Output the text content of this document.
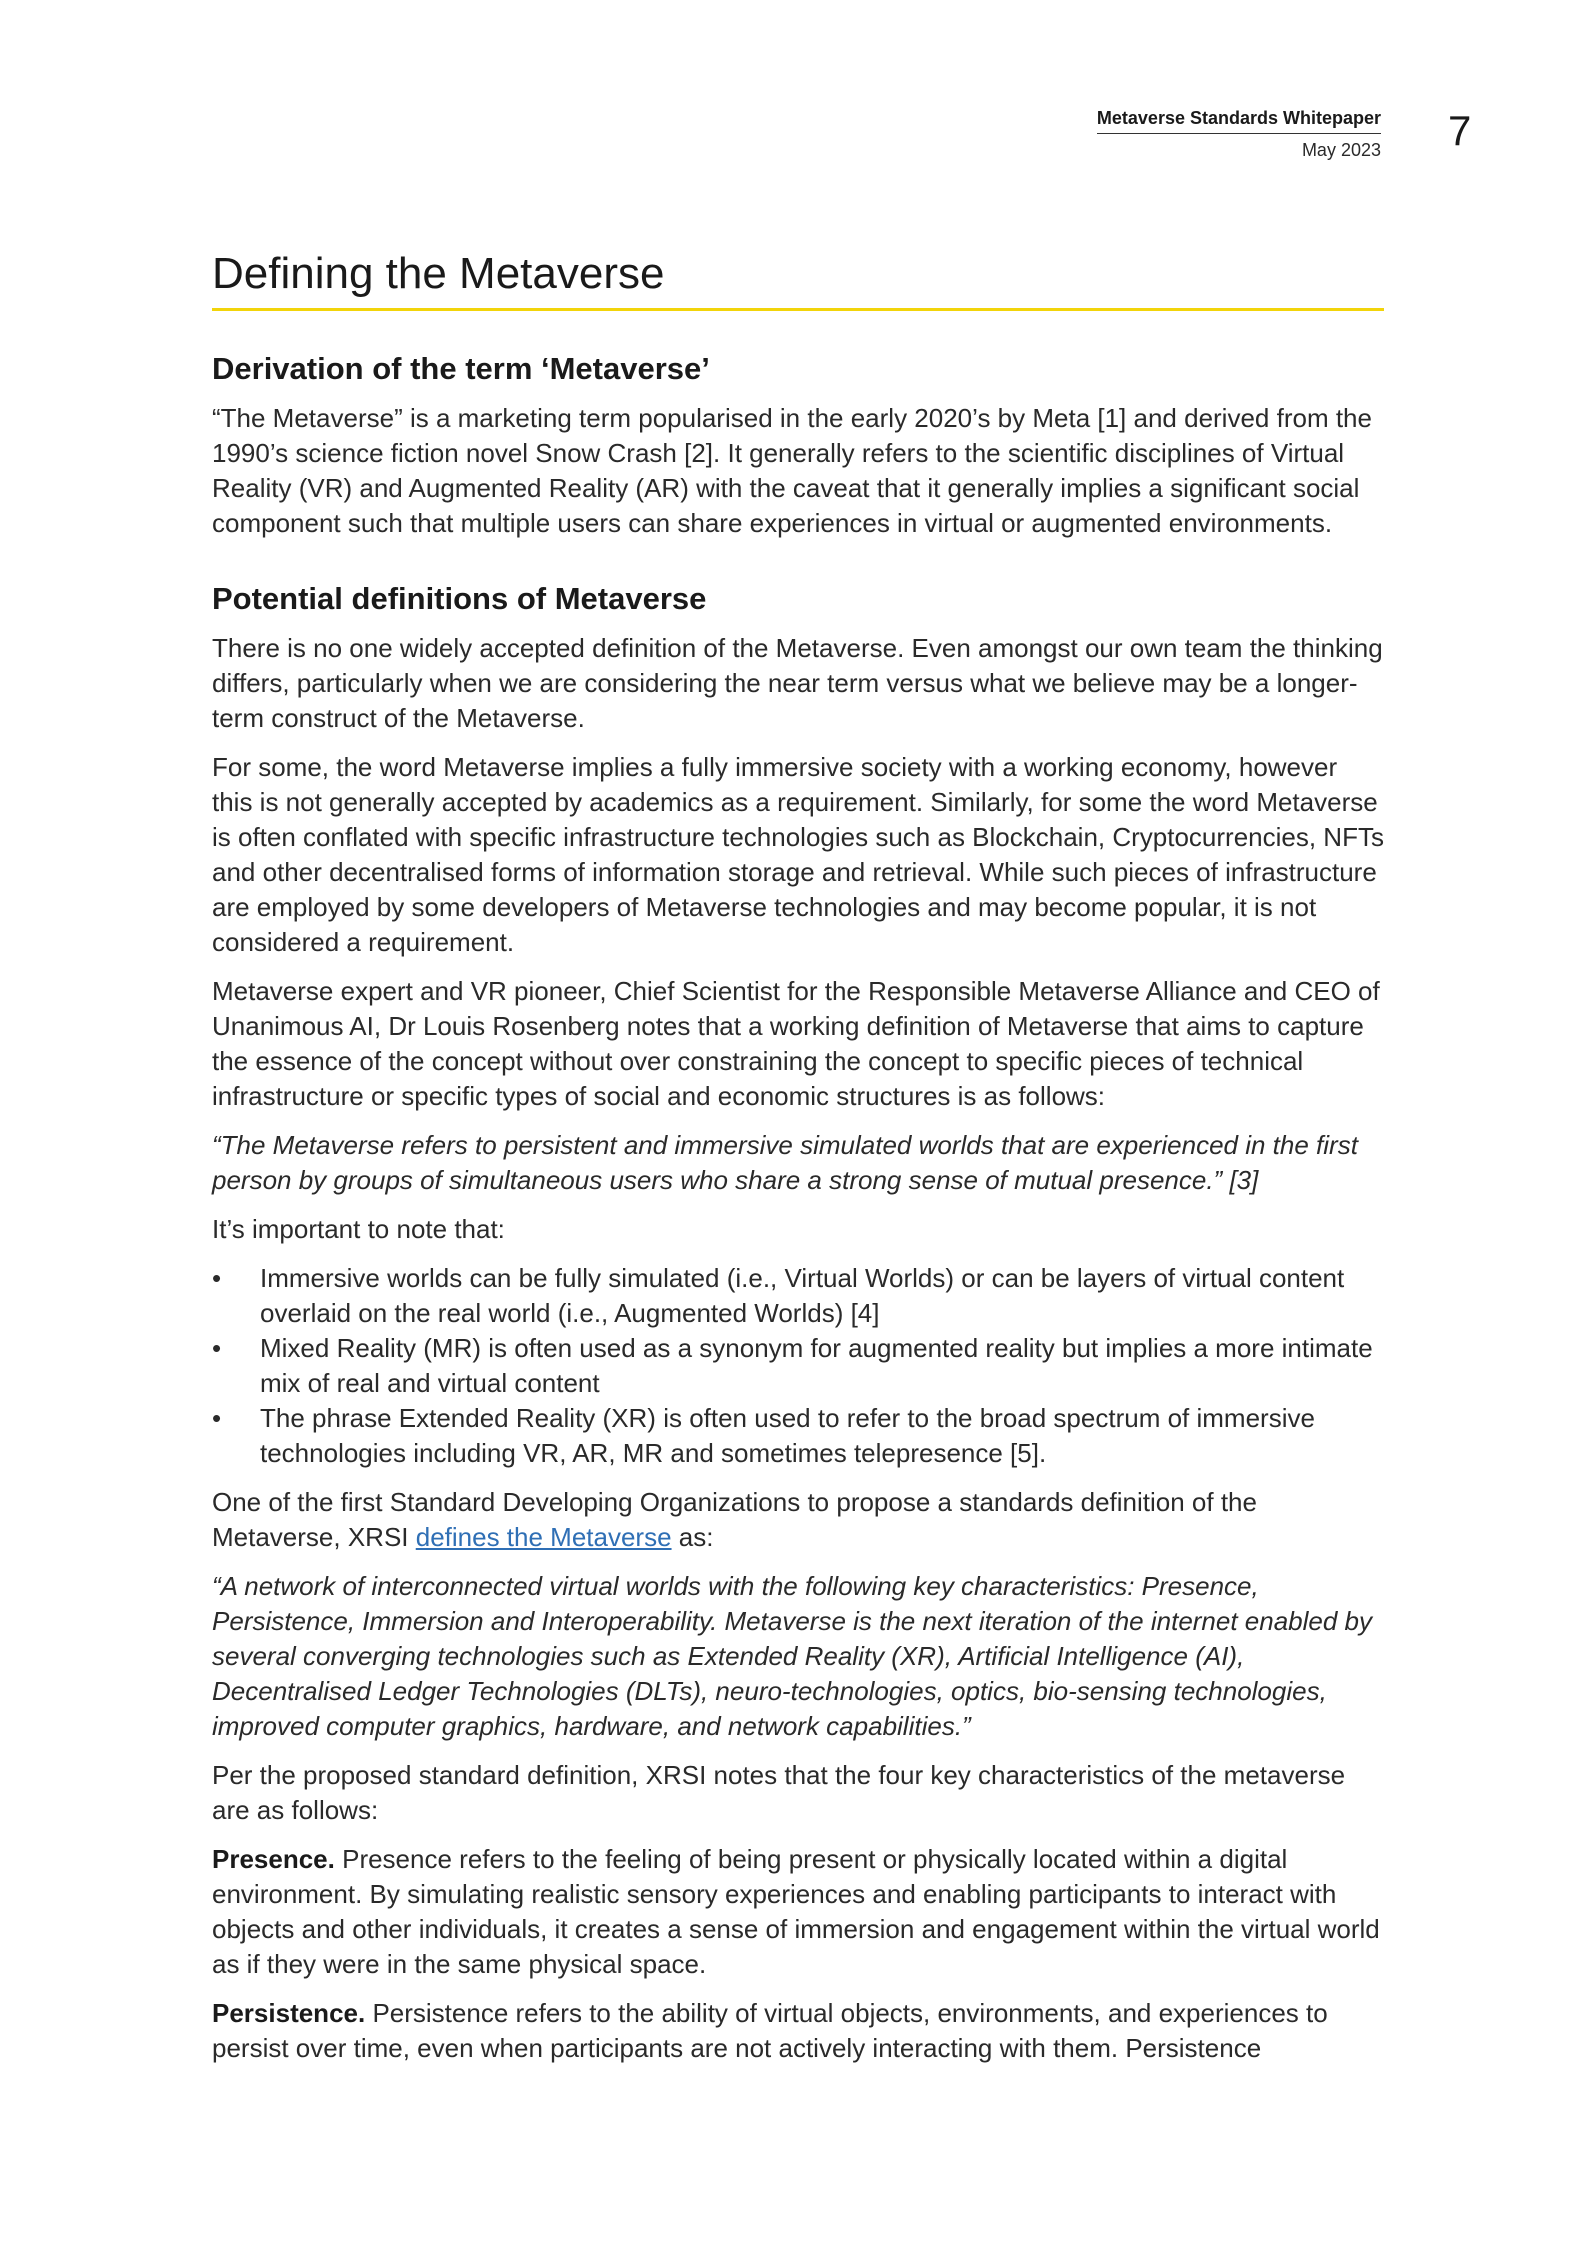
Metaverse Standards Whitepaper
May 2023 7
Defining the Metaverse
Derivation of the term ‘Metaverse’

“The Metaverse” is a marketing term popularised in the early 2020’s by Meta [1] and derived from the 1990’s science fiction novel Snow Crash [2]. It generally refers to the scientific disciplines of Virtual Reality (VR) and Augmented Reality (AR) with the caveat that it generally implies a significant social component such that multiple users can share experiences in virtual or augmented environments.

Potential definitions of Metaverse

There is no one widely accepted definition of the Metaverse. Even amongst our own team the thinking differs, particularly when we are considering the near term versus what we believe may be a longer-term construct of the Metaverse.

For some, the word Metaverse implies a fully immersive society with a working economy, however this is not generally accepted by academics as a requirement. Similarly, for some the word Metaverse is often conflated with specific infrastructure technologies such as Blockchain, Cryptocurrencies, NFTs and other decentralised forms of information storage and retrieval. While such pieces of infrastructure are employed by some developers of Metaverse technologies and may become popular, it is not considered a requirement.

Metaverse expert and VR pioneer, Chief Scientist for the Responsible Metaverse Alliance and CEO of Unanimous AI, Dr Louis Rosenberg notes that a working definition of Metaverse that aims to capture the essence of the concept without over constraining the concept to specific pieces of technical infrastructure or specific types of social and economic structures is as follows:

“The Metaverse refers to persistent and immersive simulated worlds that are experienced in the first person by groups of simultaneous users who share a strong sense of mutual presence.” [3]

It’s important to note that:

• Immersive worlds can be fully simulated (i.e., Virtual Worlds) or can be layers of virtual content overlaid on the real world (i.e., Augmented Worlds) [4]
• Mixed Reality (MR) is often used as a synonym for augmented reality but implies a more intimate mix of real and virtual content
• The phrase Extended Reality (XR) is often used to refer to the broad spectrum of immersive technologies including VR, AR, MR and sometimes telepresence [5].

One of the first Standard Developing Organizations to propose a standards definition of the Metaverse, XRSI defines the Metaverse as:

“A network of interconnected virtual worlds with the following key characteristics: Presence, Persistence, Immersion and Interoperability. Metaverse is the next iteration of the internet enabled by several converging technologies such as Extended Reality (XR), Artificial Intelligence (AI), Decentralised Ledger Technologies (DLTs), neuro-technologies, optics, bio-sensing technologies, improved computer graphics, hardware, and network capabilities.”

Per the proposed standard definition, XRSI notes that the four key characteristics of the metaverse are as follows:

Presence. Presence refers to the feeling of being present or physically located within a digital environment. By simulating realistic sensory experiences and enabling participants to interact with objects and other individuals, it creates a sense of immersion and engagement within the virtual world as if they were in the same physical space.

Persistence. Persistence refers to the ability of virtual objects, environments, and experiences to persist over time, even when participants are not actively interacting with them. Persistence
